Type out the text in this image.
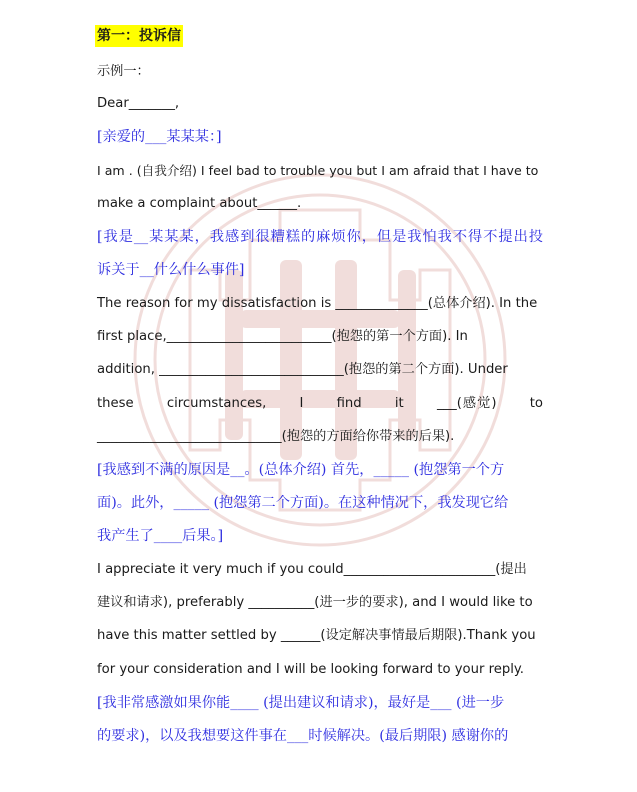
第一：投诉信
示例一：
Dear_______,
[亲爱的___某某某：]
I am . (自我介绍) I feel bad to trouble you but I am afraid that I have to
make a complaint about______.
[我是__某某某，我感到很糟糕的麻烦你，但是我怕我不得不提出投
诉关于__什么什么事件]
The reason for my dissatisfaction is ______________(总体介绍). In the
first place,_________________________(抱怨的第一个方面). In
addition, ____________________________(抱怨的第二个方面). Under
these circumstances, I find it ___(感觉) to
____________________________(抱怨的方面给你带来的后果).
[我感到不满的原因是__。(总体介绍) 首先，_____ (抱怨第一个方
面)。此外，_____ (抱怨第二个方面)。在这种情况下，我发现它给
我产生了____后果。]
I appreciate it very much if you could_______________________(提出
建议和请求), preferably __________(进一步的要求), and I would like to
have this matter settled by ______(设定解决事情最后期限).Thank you
for your consideration and I will be looking forward to your reply.
[我非常感激如果你能____ (提出建议和请求)，最好是___ (进一步
的要求)，以及我想要这件事在___时候解决。(最后期限) 感谢你的
